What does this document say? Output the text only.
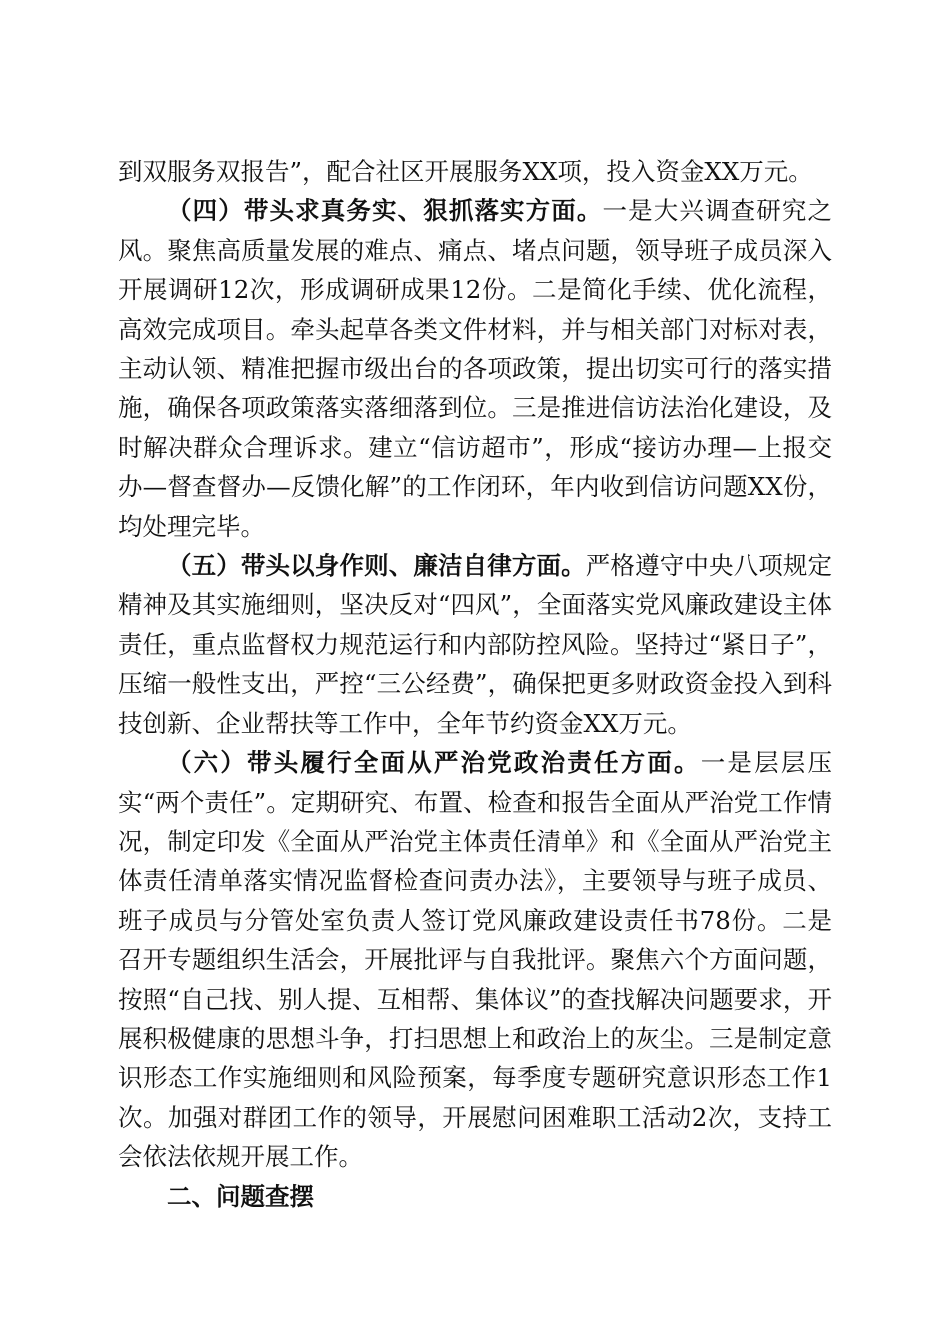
到双服务双报告”，配合社区开展服务XX项，投入资金XX万元。

（四）带头求真务实、狠抓落实方面。一是大兴调查研究之风。聚焦高质量发展的难点、痛点、堵点问题，领导班子成员深入开展调研12次，形成调研成果12份。二是简化手续、优化流程，高效完成项目。牵头起草各类文件材料，并与相关部门对标对表，主动认领、精准把握市级出台的各项政策，提出切实可行的落实措施，确保各项政策落实落细落到位。三是推进信访法治化建设，及时解决群众合理诉求。建立“信访超市”，形成“接访办理—上报交办—督查督办—反馈化解”的工作闭环，年内收到信访问题XX份，均处理完毕。

（五）带头以身作则、廉洁自律方面。严格遵守中央八项规定精神及其实施细则，坚决反对“四风”，全面落实党风廉政建设主体责任，重点监督权力规范运行和内部防控风险。坚持过“紧日子”，压缩一般性支出，严控“三公经费”，确保把更多财政资金投入到科技创新、企业帮扶等工作中，全年节约资金XX万元。

（六）带头履行全面从严治党政治责任方面。一是层层压实“两个责任”。定期研究、布置、检查和报告全面从严治党工作情况，制定印发《全面从严治党主体责任清单》和《全面从严治党主体责任清单落实情况监督检查问责办法》，主要领导与班子成员、班子成员与分管处室负责人签订党风廉政建设责任书78份。二是召开专题组织生活会，开展批评与自我批评。聚焦六个方面问题，按照“自己找、别人提、互相帮、集体议”的查找解决问题要求，开展积极健康的思想斗争，打扫思想上和政治上的灰尘。三是制定意识形态工作实施细则和风险预案，每季度专题研究意识形态工作1次。加强对群团工作的领导，开展慰问困难职工活动2次，支持工会依法依规开展工作。

二、问题查摆
